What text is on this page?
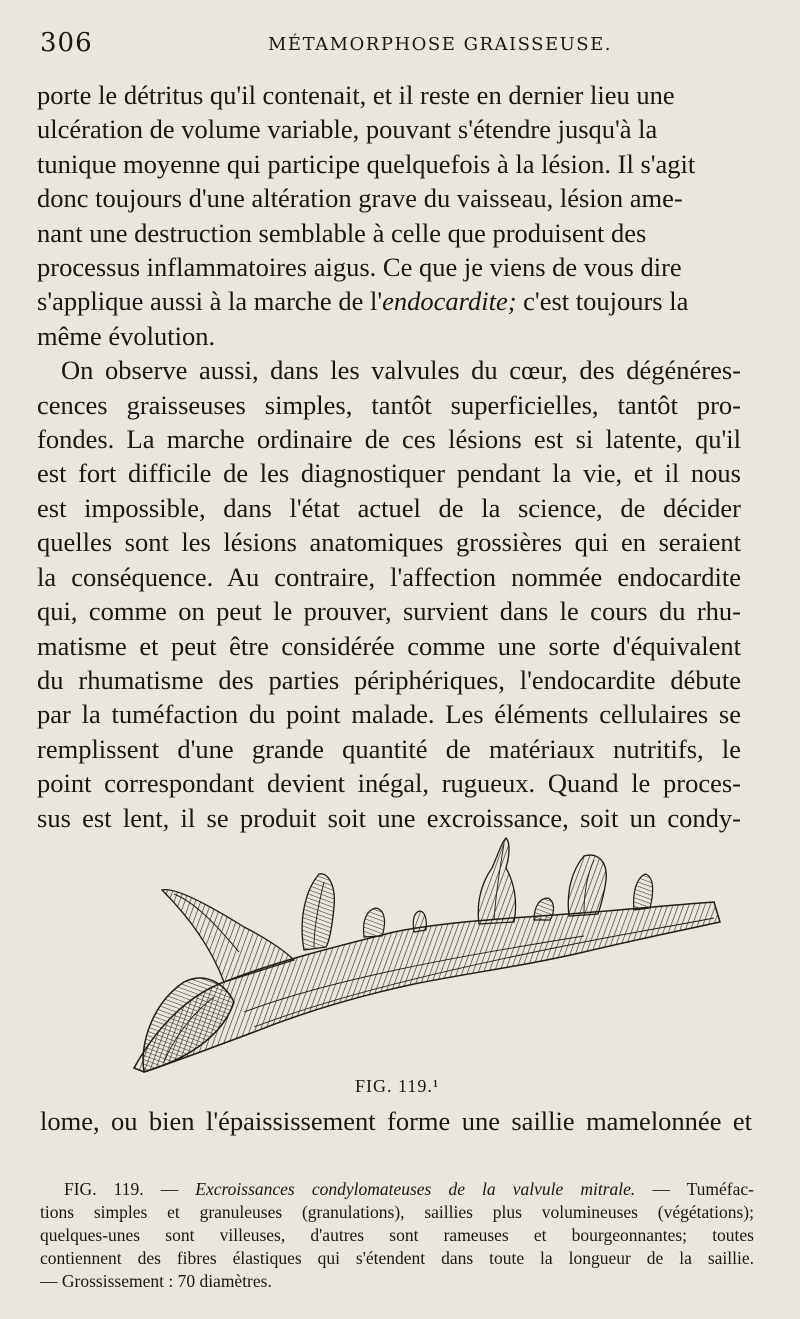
306	MÉTAMORPHOSE GRAISSEUSE.

porte le détritus qu'il contenait, et il reste en dernier lieu une
ulcération de volume variable, pouvant s'étendre jusqu'à la
tunique moyenne qui participe quelquefois à la lésion. Il s'agit
donc toujours d'une altération grave du vaisseau, lésion ame-
nant une destruction semblable à celle que produisent des
processus inflammatoires aigus. Ce que je viens de vous dire
s'applique aussi à la marche de l'endocardite; c'est toujours la
même évolution.

On observe aussi, dans les valvules du cœur, des dégénéres-
cences graisseuses simples, tantôt superficielles, tantôt pro-
fondes. La marche ordinaire de ces lésions est si latente, qu'il
est fort difficile de les diagnostiquer pendant la vie, et il nous
est impossible, dans l'état actuel de la science, de décider
quelles sont les lésions anatomiques grossières qui en seraient
la conséquence. Au contraire, l'affection nommée endocardite
qui, comme on peut le prouver, survient dans le cours du rhu-
matisme et peut être considérée comme une sorte d'équivalent
du rhumatisme des parties périphériques, l'endocardite débute
par la tuméfaction du point malade. Les éléments cellulaires se
remplissent d'une grande quantité de matériaux nutritifs, le
point correspondant devient inégal, rugueux. Quand le proces-
sus est lent, il se produit soit une excroissance, soit un condy-

FIG. 119.¹
lome, ou bien l'épaississement forme une saillie mamelonnée et
FIG. 119. — Excroissances condylomateuses de la valvule mitrale. — Tuméfac-
tions simples et granuleuses (granulations), saillies plus volumineuses (végétations);
quelques-unes sont villeuses, d'autres sont rameuses et bourgeonnantes; toutes
contiennent des fibres élastiques qui s'étendent dans toute la longueur de la saillie.
— Grossissement : 70 diamètres.
